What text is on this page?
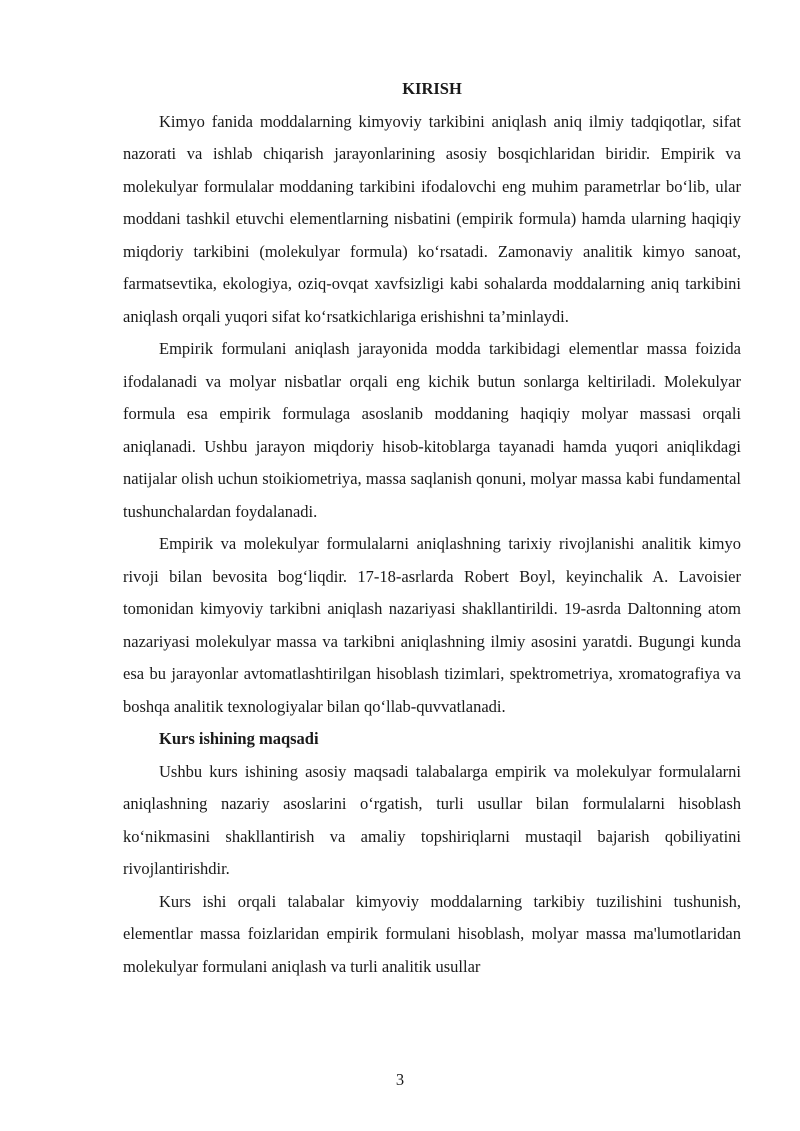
KIRISH

Kimyo fanida moddalarning kimyoviy tarkibini aniqlash aniq ilmiy tadqiqotlar, sifat nazorati va ishlab chiqarish jarayonlarining asosiy bosqichlaridan biridir. Empirik va molekulyar formulalar moddaning tarkibini ifodalovchi eng muhim parametrlar bo‘lib, ular moddani tashkil etuvchi elementlarning nisbatini (empirik formula) hamda ularning haqiqiy miqdoriy tarkibini (molekulyar formula) ko‘rsatadi. Zamonaviy analitik kimyo sanoat, farmatsevtika, ekologiya, oziq-ovqat xavfsizligi kabi sohalarda moddalarning aniq tarkibini aniqlash orqali yuqori sifat ko‘rsatkichlariga erishishni ta’minlaydi.

Empirik formulani aniqlash jarayonida modda tarkibidagi elementlar massa foizida ifodalanadi va molyar nisbatlar orqali eng kichik butun sonlarga keltiriladi. Molekulyar formula esa empirik formulaga asoslanib moddaning haqiqiy molyar massasi orqali aniqlanadi. Ushbu jarayon miqdoriy hisob-kitoblarga tayanadi hamda yuqori aniqlikdagi natijalar olish uchun stoikiometriya, massa saqlanish qonuni, molyar massa kabi fundamental tushunchalardan foydalanadi.

Empirik va molekulyar formulalarni aniqlashning tarixiy rivojlanishi analitik kimyo rivoji bilan bevosita bog‘liqdir. 17-18-asrlarda Robert Boyl, keyinchalik A. Lavoisier tomonidan kimyoviy tarkibni aniqlash nazariyasi shakllantirildi. 19-asrda Daltonning atom nazariyasi molekulyar massa va tarkibni aniqlashning ilmiy asosini yaratdi. Bugungi kunda esa bu jarayonlar avtomatlashtirilgan hisoblash tizimlari, spektrometriya, xromatografiya va boshqa analitik texnologiyalar bilan qo‘llab-quvvatlanadi.

Kurs ishining maqsadi

Ushbu kurs ishining asosiy maqsadi talabalarga empirik va molekulyar formulalarni aniqlashning nazariy asoslarini o‘rgatish, turli usullar bilan formulalarni hisoblash ko‘nikmasini shakllantirish va amaliy topshiriqlarni mustaqil bajarish qobiliyatini rivojlantirishdir.

Kurs ishi orqali talabalar kimyoviy moddalarning tarkibiy tuzilishini tushunish, elementlar massa foizlaridan empirik formulani hisoblash, molyar massa ma'lumotlaridan molekulyar formulani aniqlash va turli analitik usullar

3
